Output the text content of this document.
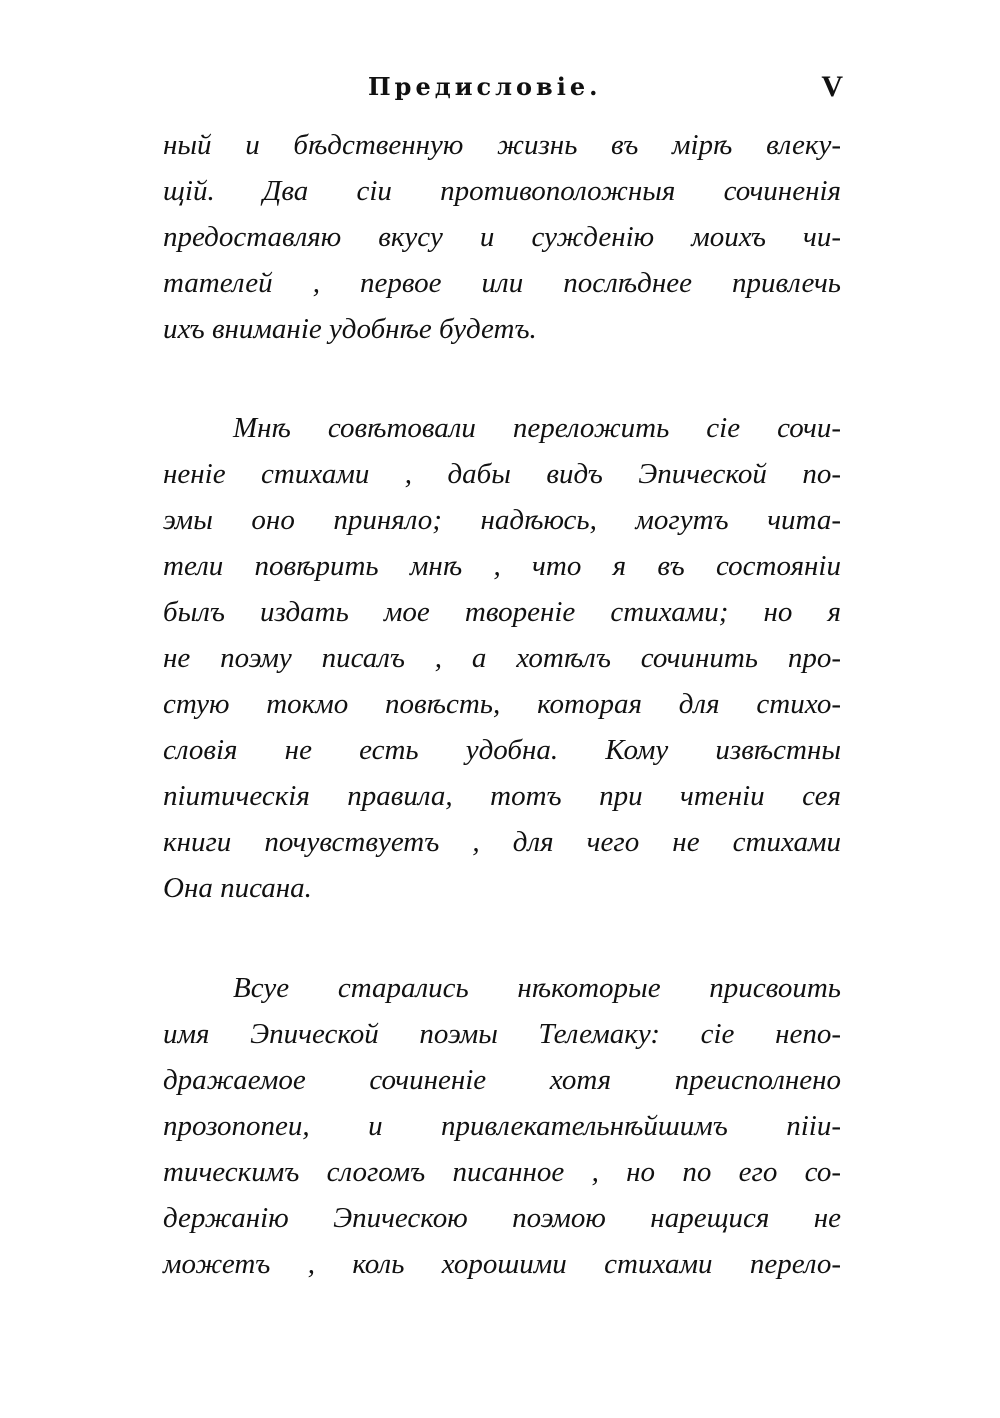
Предисловіе.	V
ный и бѣдственную жизнь въ мірѣ влеку-
щій. Два сіи противоположныя сочиненія
предоставляю вкусу и сужденію моихъ чи-
тателей , первое или послѣднее привлечь
ихъ вниманіе удобнѣе будетъ.
Мнѣ совѣтовали переложить сіе сочи-
неніе стихами , дабы видъ Эпической по-
эмы оно приняло; надѣюсь, могутъ чита-
тели повѣрить мнѣ , что я въ состояніи
былъ издать мое твореніе стихами; но я
не поэму писалъ , а хотѣлъ сочинить про-
стую токмо повѣсть, которая для стихо-
словія не есть удобна. Кому извѣстны
піитическія правила, тотъ при чтеніи сея
книги почувствуетъ , для чего не стихами
Она писана.
Всуе старались нѣкоторые присвоить
имя Эпической поэмы Телемаку: сіе непо-
дражаемое сочиненіе хотя преисполнено
прозопопеи, и привлекательнѣйшимъ пііи-
тическимъ слогомъ писанное , но по его со-
держанію Эпическою поэмою нарещися не
можетъ , коль хорошими стихами перело-
